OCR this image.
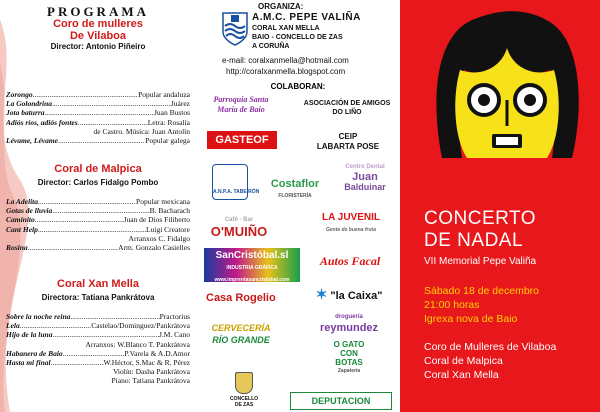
PROGRAMA
Coro de mulleres
De Vilaboa
Director: Antonio Piñeiro
Zorongo .....	Popular andaluza
La Golondrina .....	Juárez
Jota baturra .....	Juan Bustos
Adiós ríos, adiós fontes .....	Letra: Rosalía
de Castro. Música: Juan Antolín
Lévame, Lévame .....	Popular galega
Coral de Malpica
Director: Carlos Fidalgo Pombo
La Adelita .....	Popular mexicana
Gotas de lluvia .....	B. Bacharach
Caminito .....	Juan de Dios Filiberto
Cant Help .....	Luigi Creatore
Arranxos C. Fidalgo
Rosina .....	Arm. Gonzalo Casielles
Coral Xan Mella
Directora: Tatiana Pankrátova
Sobre la noche reina .....	Practorius
Lela .....	Castelao/Dominguez/Pankrátova
Hijo de la luna .....	J.M. Cano
Arranxos: W.Blanco T. Pankrátova
Habanera de Baio .....	P.Varela & A.D.Amor
Hasta mi final .....	W.Héctor, S.Mac & R. Pérez
Violín: Dasha Pankrátova
Piano: Tatiana Pankrátova
ORGANIZA:
A.M.C. PEPE VALIÑA
CORAL XAN MELLA
BAIO - CONCELLO DE ZAS
A CORUÑA
e-mail: coralxanmella@hotmail.com
http://coralxanmella.blogspot.com
COLABORAN:
Parroquia Santa
María de Baio
ASOCIACIÓN DE AMIGOS
DO LIÑO
GASTEOF	CEIP
LABARTA POSE
A.N.P.A. TABEIRÓN
Costaflor
FLORISTERÍA
Centro Dental
Juan
Balduinar
Café - Bar
O'MUIÑO
LA JUVENIL
Gente de buena fruta
SanCristóbal.sl
INDUSTRIA GRÁFICA
www.imprentasancristobal.com
Autos Facal
Casa Rogelio	✶ "la Caixa"
CERVECERÍA
RÍO GRANDE
droguería
reymundez
O GATO
CON
BOTAS
Zapatería
CONCELLO
DE ZAS	DEPUTACION
CONCERTO
DE NADAL
VII Memorial Pepe Valiña
Sábado 18 de decembro
21:00 horas
Igrexa nova de Baio
Coro de Mulleres de Vilaboa
Coral de Malpica
Coral Xan Mella
